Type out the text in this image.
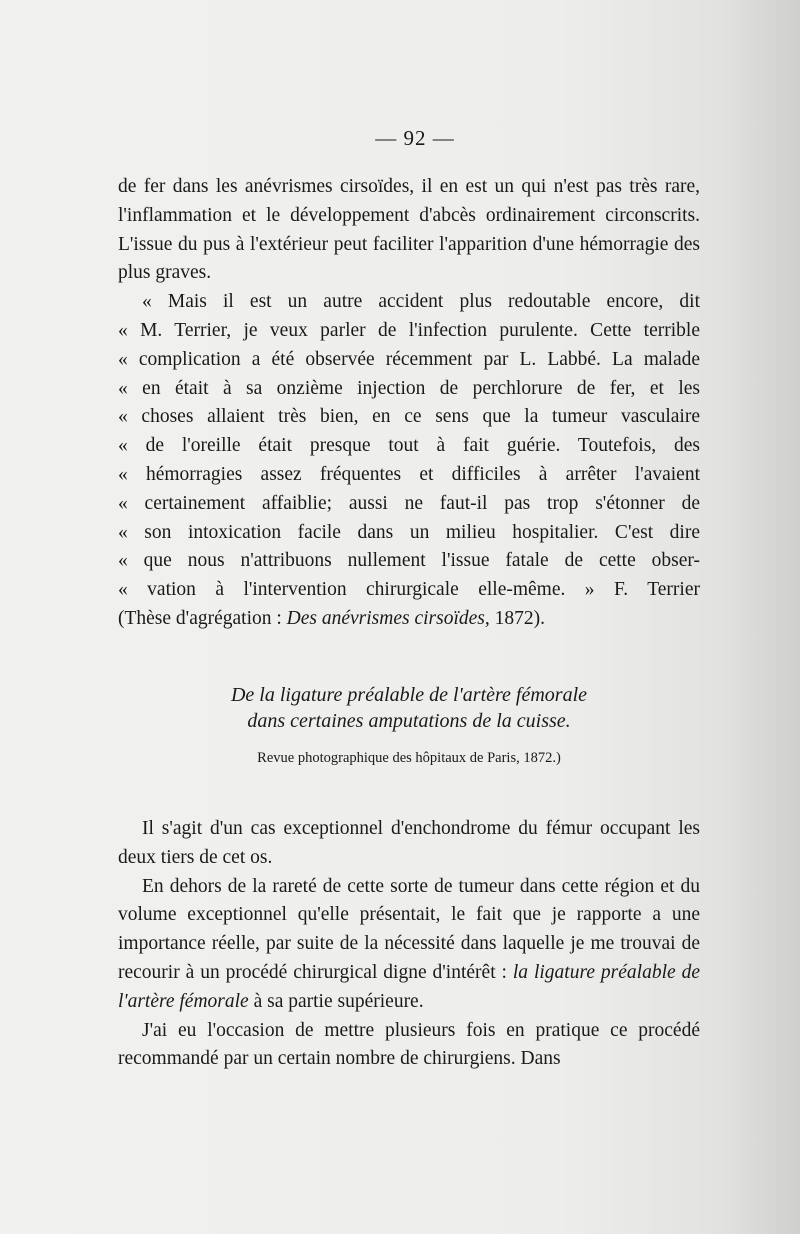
— 92 —

de fer dans les anévrismes cirsoïdes, il en est un qui n'est pas très rare, l'inflammation et le développement d'abcès ordinairement circonscrits. L'issue du pus à l'extérieur peut faciliter l'apparition d'une hémorragie des plus graves.

« Mais il est un autre accident plus redoutable encore, dit
« M. Terrier, je veux parler de l'infection purulente. Cette terrible
« complication a été observée récemment par L. Labbé. La malade
« en était à sa onzième injection de perchlorure de fer, et les
« choses allaient très bien, en ce sens que la tumeur vasculaire
« de l'oreille était presque tout à fait guérie. Toutefois, des
« hémorragies assez fréquentes et difficiles à arrêter l'avaient
« certainement affaiblie; aussi ne faut-il pas trop s'étonner de
« son intoxication facile dans un milieu hospitalier. C'est dire
« que nous n'attribuons nullement l'issue fatale de cette obser-
« vation à l'intervention chirurgicale elle-même. » F. Terrier
(Thèse d'agrégation : Des anévrismes cirsoïdes, 1872).
De la ligature préalable de l'artère fémorale
dans certaines amputations de la cuisse.
Revue photographique des hôpitaux de Paris, 1872.)

Il s'agit d'un cas exceptionnel d'enchondrome du fémur occupant les deux tiers de cet os.

En dehors de la rareté de cette sorte de tumeur dans cette région et du volume exceptionnel qu'elle présentait, le fait que je rapporte a une importance réelle, par suite de la nécessité dans laquelle je me trouvai de recourir à un procédé chirurgical digne d'intérêt : la ligature préalable de l'artère fémorale à sa partie supérieure.

J'ai eu l'occasion de mettre plusieurs fois en pratique ce procédé recommandé par un certain nombre de chirurgiens. Dans
